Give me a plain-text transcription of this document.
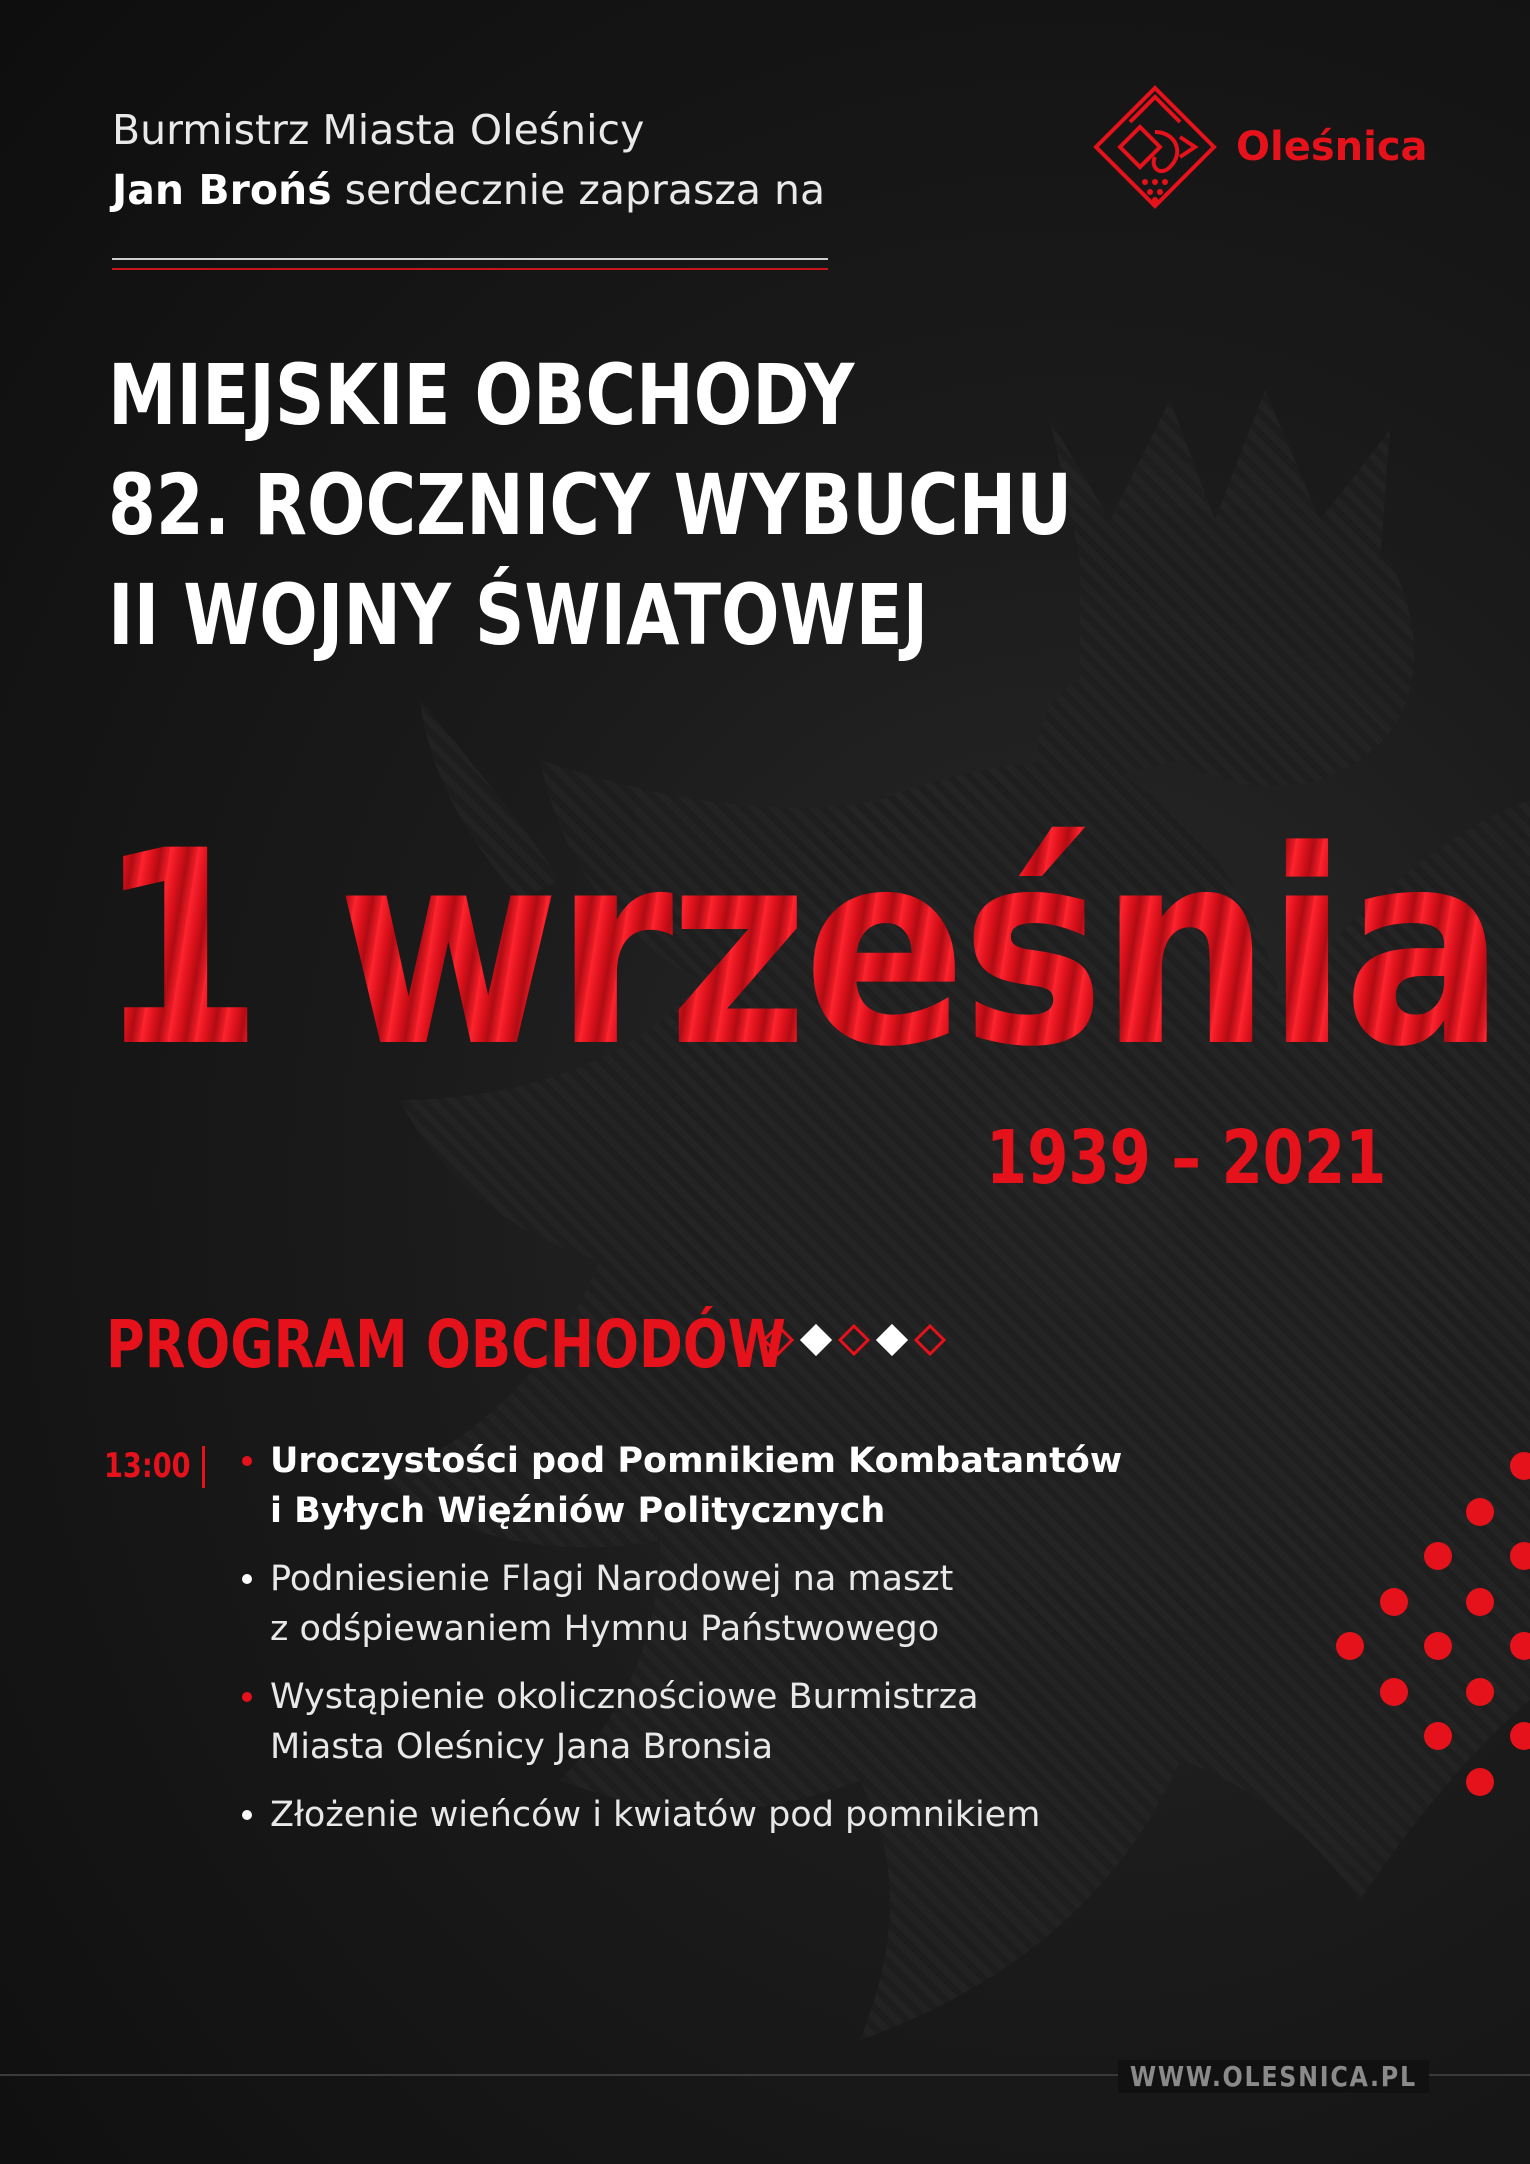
Burmistrz Miasta Oleśnicy
Jan Brońś serdecznie zaprasza na
Oleśnica
MIEJSKIE OBCHODY
82. ROCZNICY WYBUCHU
II WOJNY ŚWIATOWEJ
1 września
1939 – 2021
PROGRAM OBCHODÓW
13:00 Uroczystości pod Pomnikiem Kombatantów
i Byłych Więźniów Politycznych
Podniesienie Flagi Narodowej na maszt
z odśpiewaniem Hymnu Państwowego
Wystąpienie okolicznościowe Burmistrza
Miasta Oleśnicy Jana Bronsia
Złożenie wieńców i kwiatów pod pomnikiem
WWW.OLESNICA.PL
